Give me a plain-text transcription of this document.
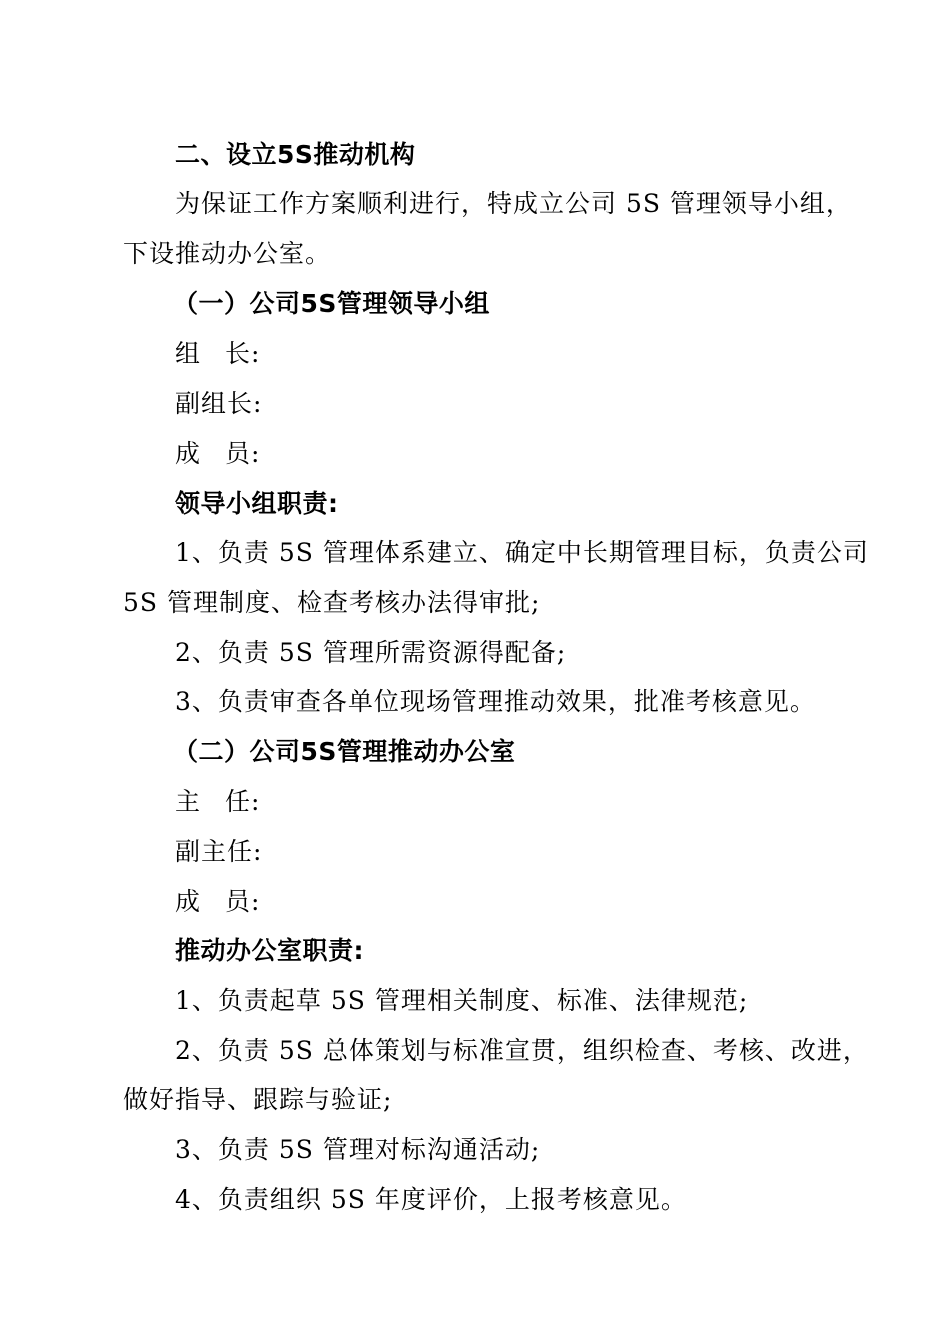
二、设立5S推动机构
为保证工作方案顺利进行，特成立公司 5S 管理领导小组，
下设推动办公室。
（一）公司5S管理领导小组
组 长:
副组长:
成 员:
领导小组职责:
1、负责 5S 管理体系建立、确定中长期管理目标，负责公司
5S 管理制度、检查考核办法得审批;
2、负责 5S 管理所需资源得配备;
3、负责审查各单位现场管理推动效果，批准考核意见。
（二）公司5S管理推动办公室
主 任:
副主任:
成 员:
推动办公室职责:
1、负责起草 5S 管理相关制度、标准、法律规范;
2、负责 5S 总体策划与标准宣贯，组织检查、考核、改进，
做好指导、跟踪与验证;
3、负责 5S 管理对标沟通活动;
4、负责组织 5S 年度评价，上报考核意见。
